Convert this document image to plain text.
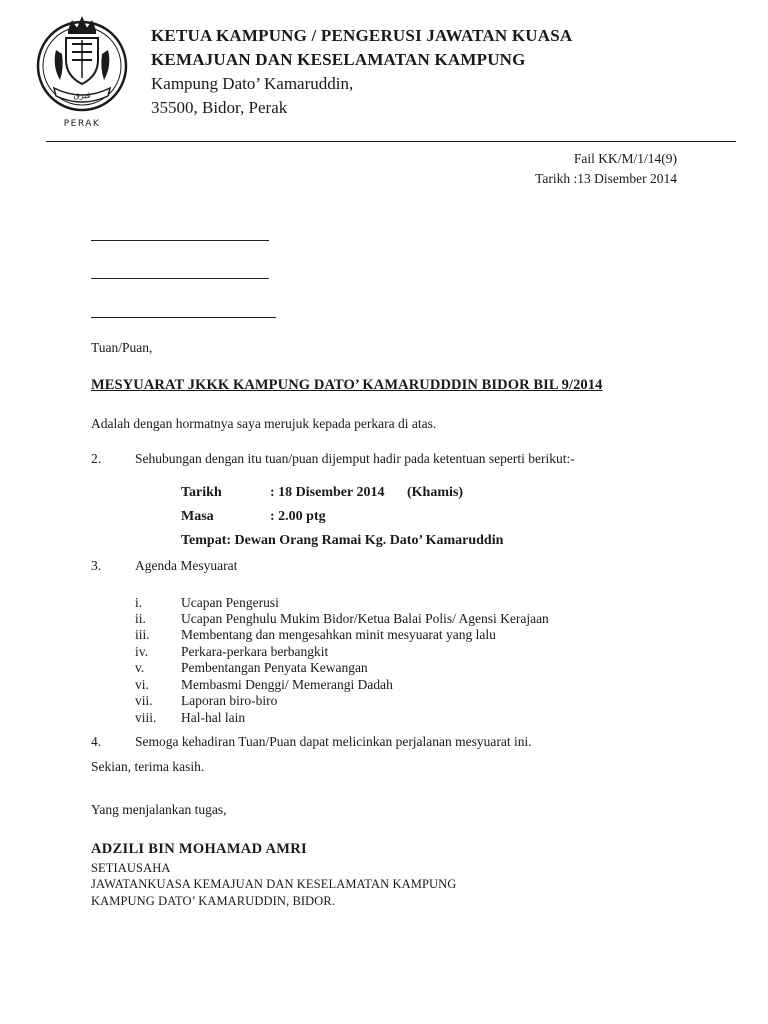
ڤيرق
PERAK
KETUA KAMPUNG / PENGERUSI JAWATAN KUASA
KEMAJUAN DAN KESELAMATAN KAMPUNG
Kampung Dato’ Kamaruddin,
35500, Bidor, Perak
Fail KK/M/1/14(9)
Tarikh :13 Disember 2014
Tuan/Puan,
MESYUARAT JKKK KAMPUNG DATO’ KAMARUDDDIN BIDOR BIL 9/2014
Adalah dengan hormatnya saya merujuk kepada perkara di atas.
2.	Sehubungan dengan itu tuan/puan dijemput hadir pada ketentuan seperti berikut:-
Tarikh	: 18 Disember 2014 (Khamis)
Masa	: 2.00 ptg
Tempat: Dewan Orang Ramai Kg. Dato’ Kamaruddin
3.	Agenda Mesyuarat
i.	Ucapan Pengerusi
ii.	Ucapan Penghulu Mukim Bidor/Ketua Balai Polis/ Agensi Kerajaan
iii. Membentang dan mengesahkan minit mesyuarat yang lalu
iv. Perkara-perkara berbangkit
v.	Pembentangan Penyata Kewangan
vi. Membasmi Denggi/ Memerangi Dadah
vii. Laporan biro-biro
viii. Hal-hal lain
4.	Semoga kehadiran Tuan/Puan dapat melicinkan perjalanan mesyuarat ini.
Sekian, terima kasih.
Yang menjalankan tugas,
ADZILI BIN MOHAMAD AMRI
SETIAUSAHA
JAWATANKUASA KEMAJUAN DAN KESELAMATAN KAMPUNG
KAMPUNG DATO’ KAMARUDDIN, BIDOR.
